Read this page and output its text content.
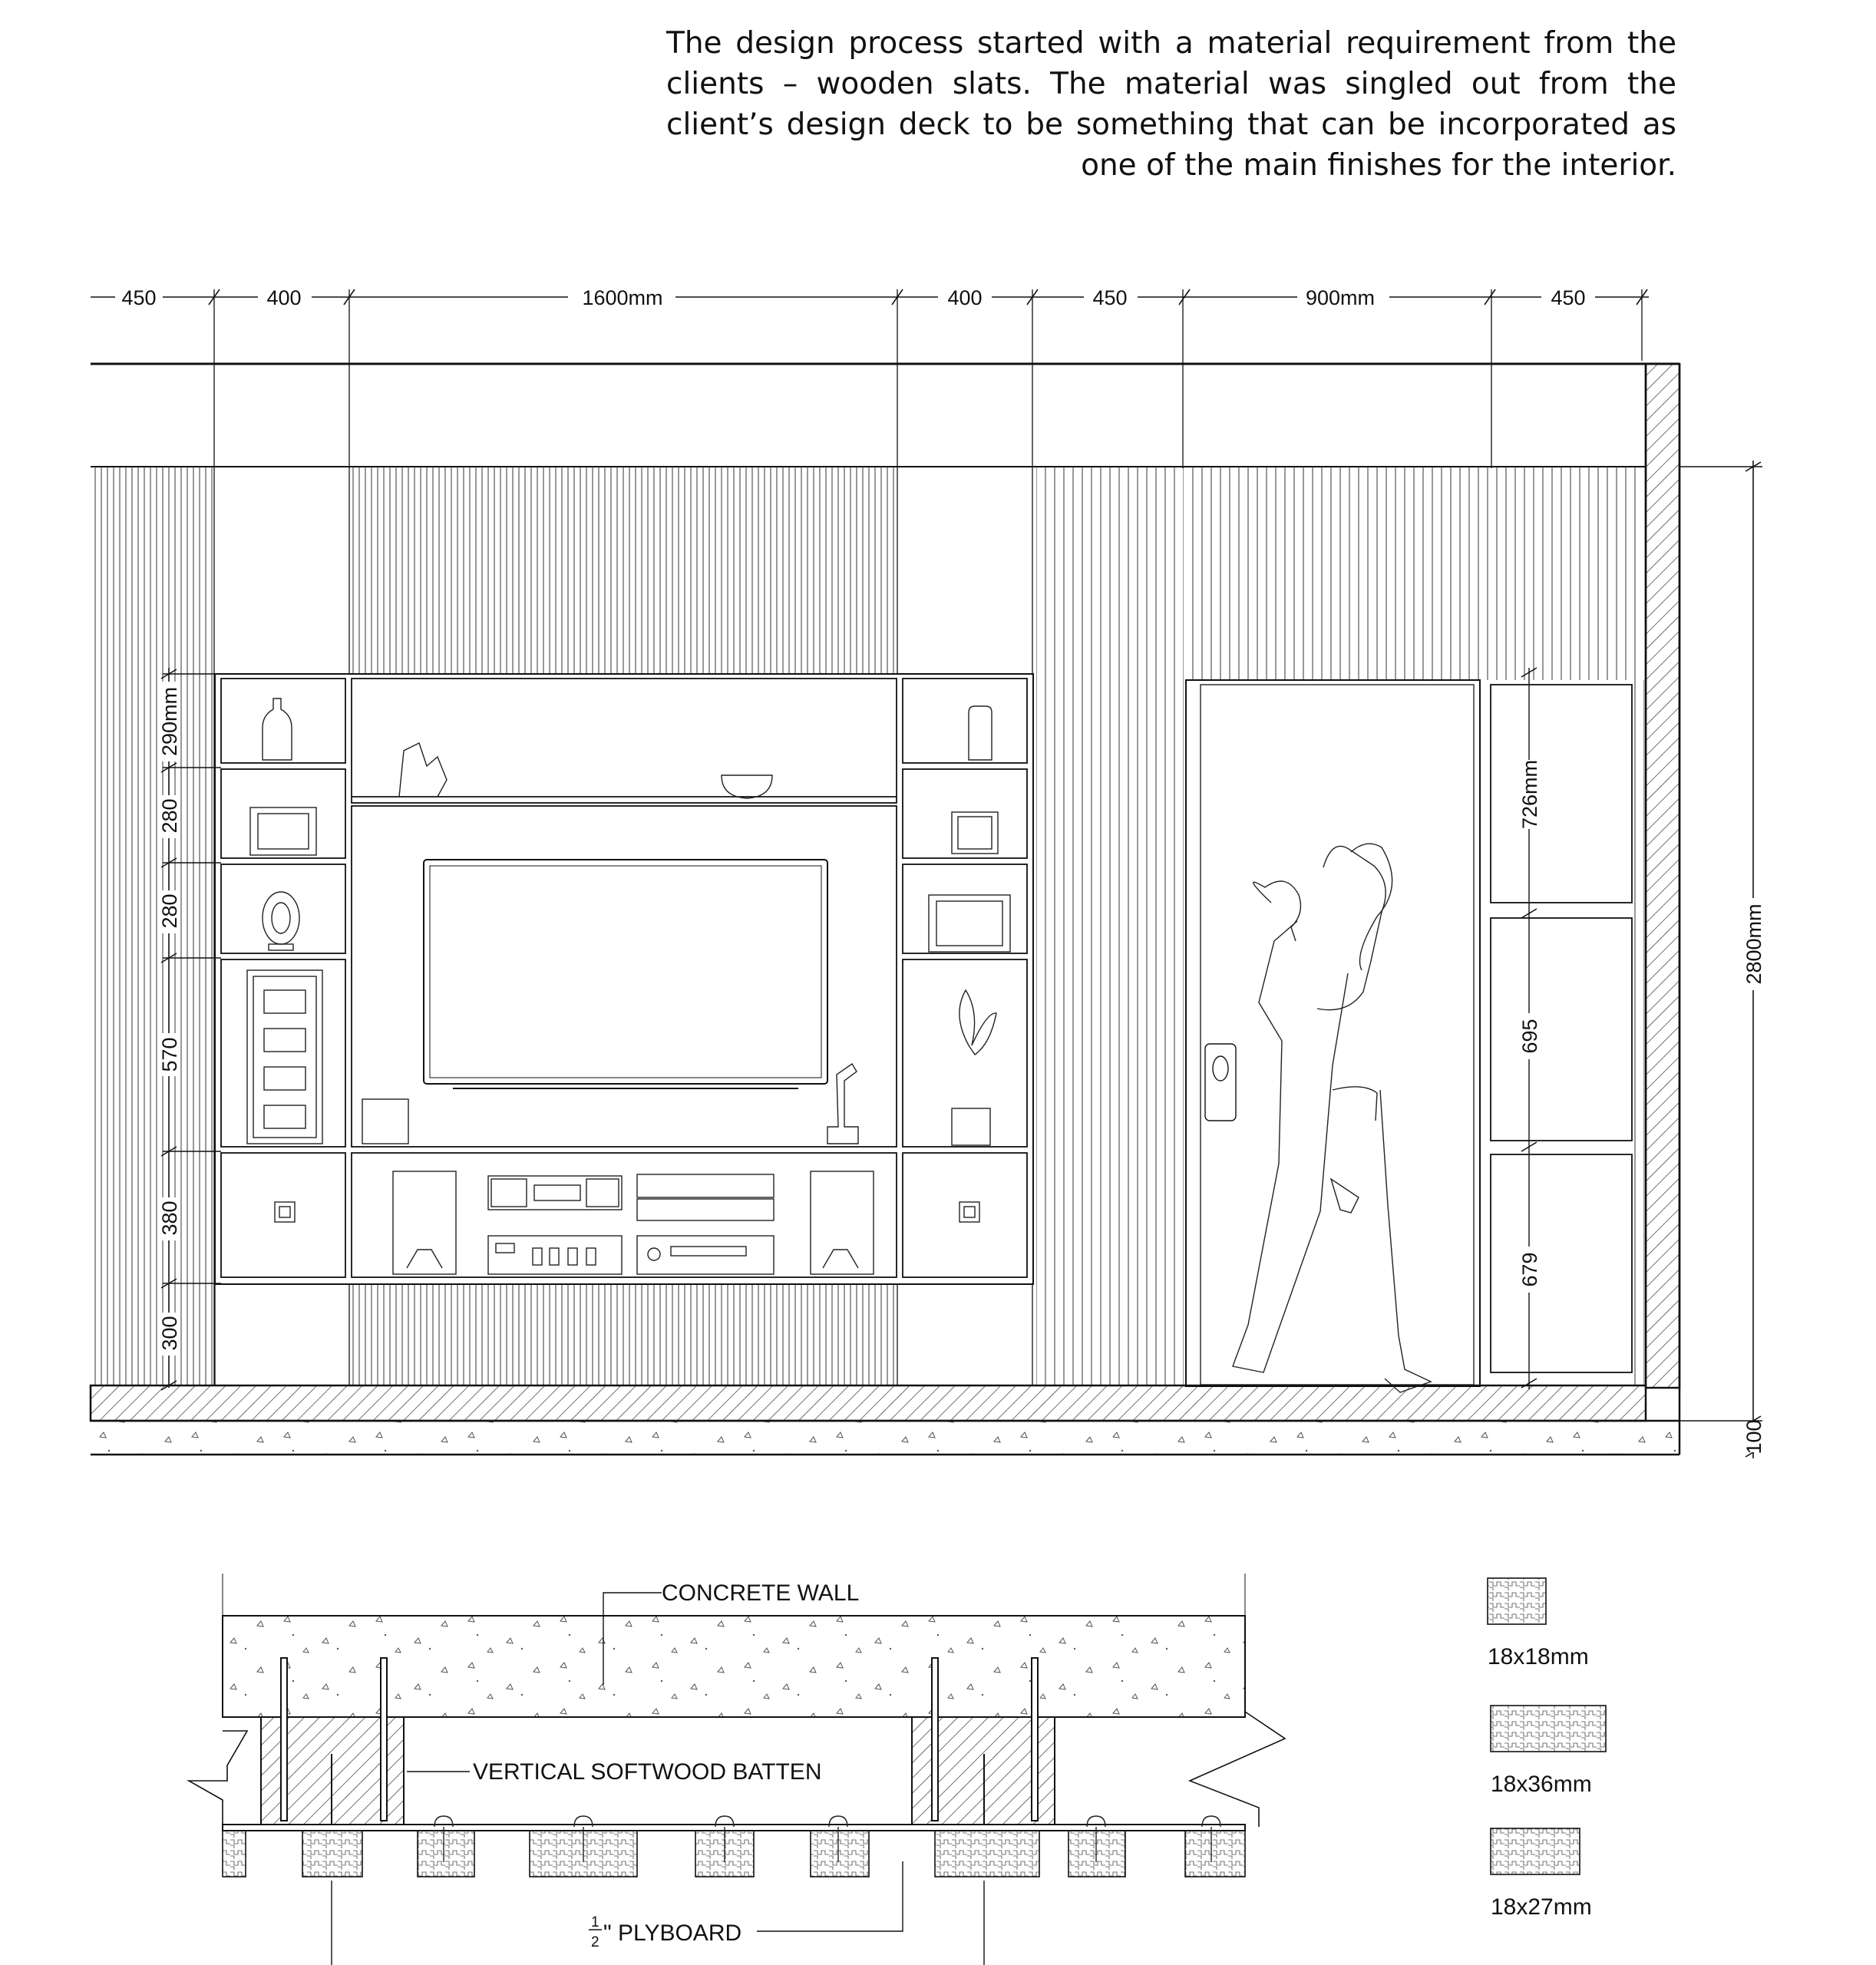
The design process started with a material requirement from the clients – wooden slats. The material was singled out from the client’s design deck to be something that can be incorporated as one of the main finishes for the interior.

450	400	1600mm	400	450	900mm	450
290mm
280
280
570
380
300
726mm
695
679
2800mm
100
CONCRETE WALL
VERTICAL SOFTWOOD BATTEN
1
2 " PLYBOARD
18x18mm
18x36mm
18x27mm
